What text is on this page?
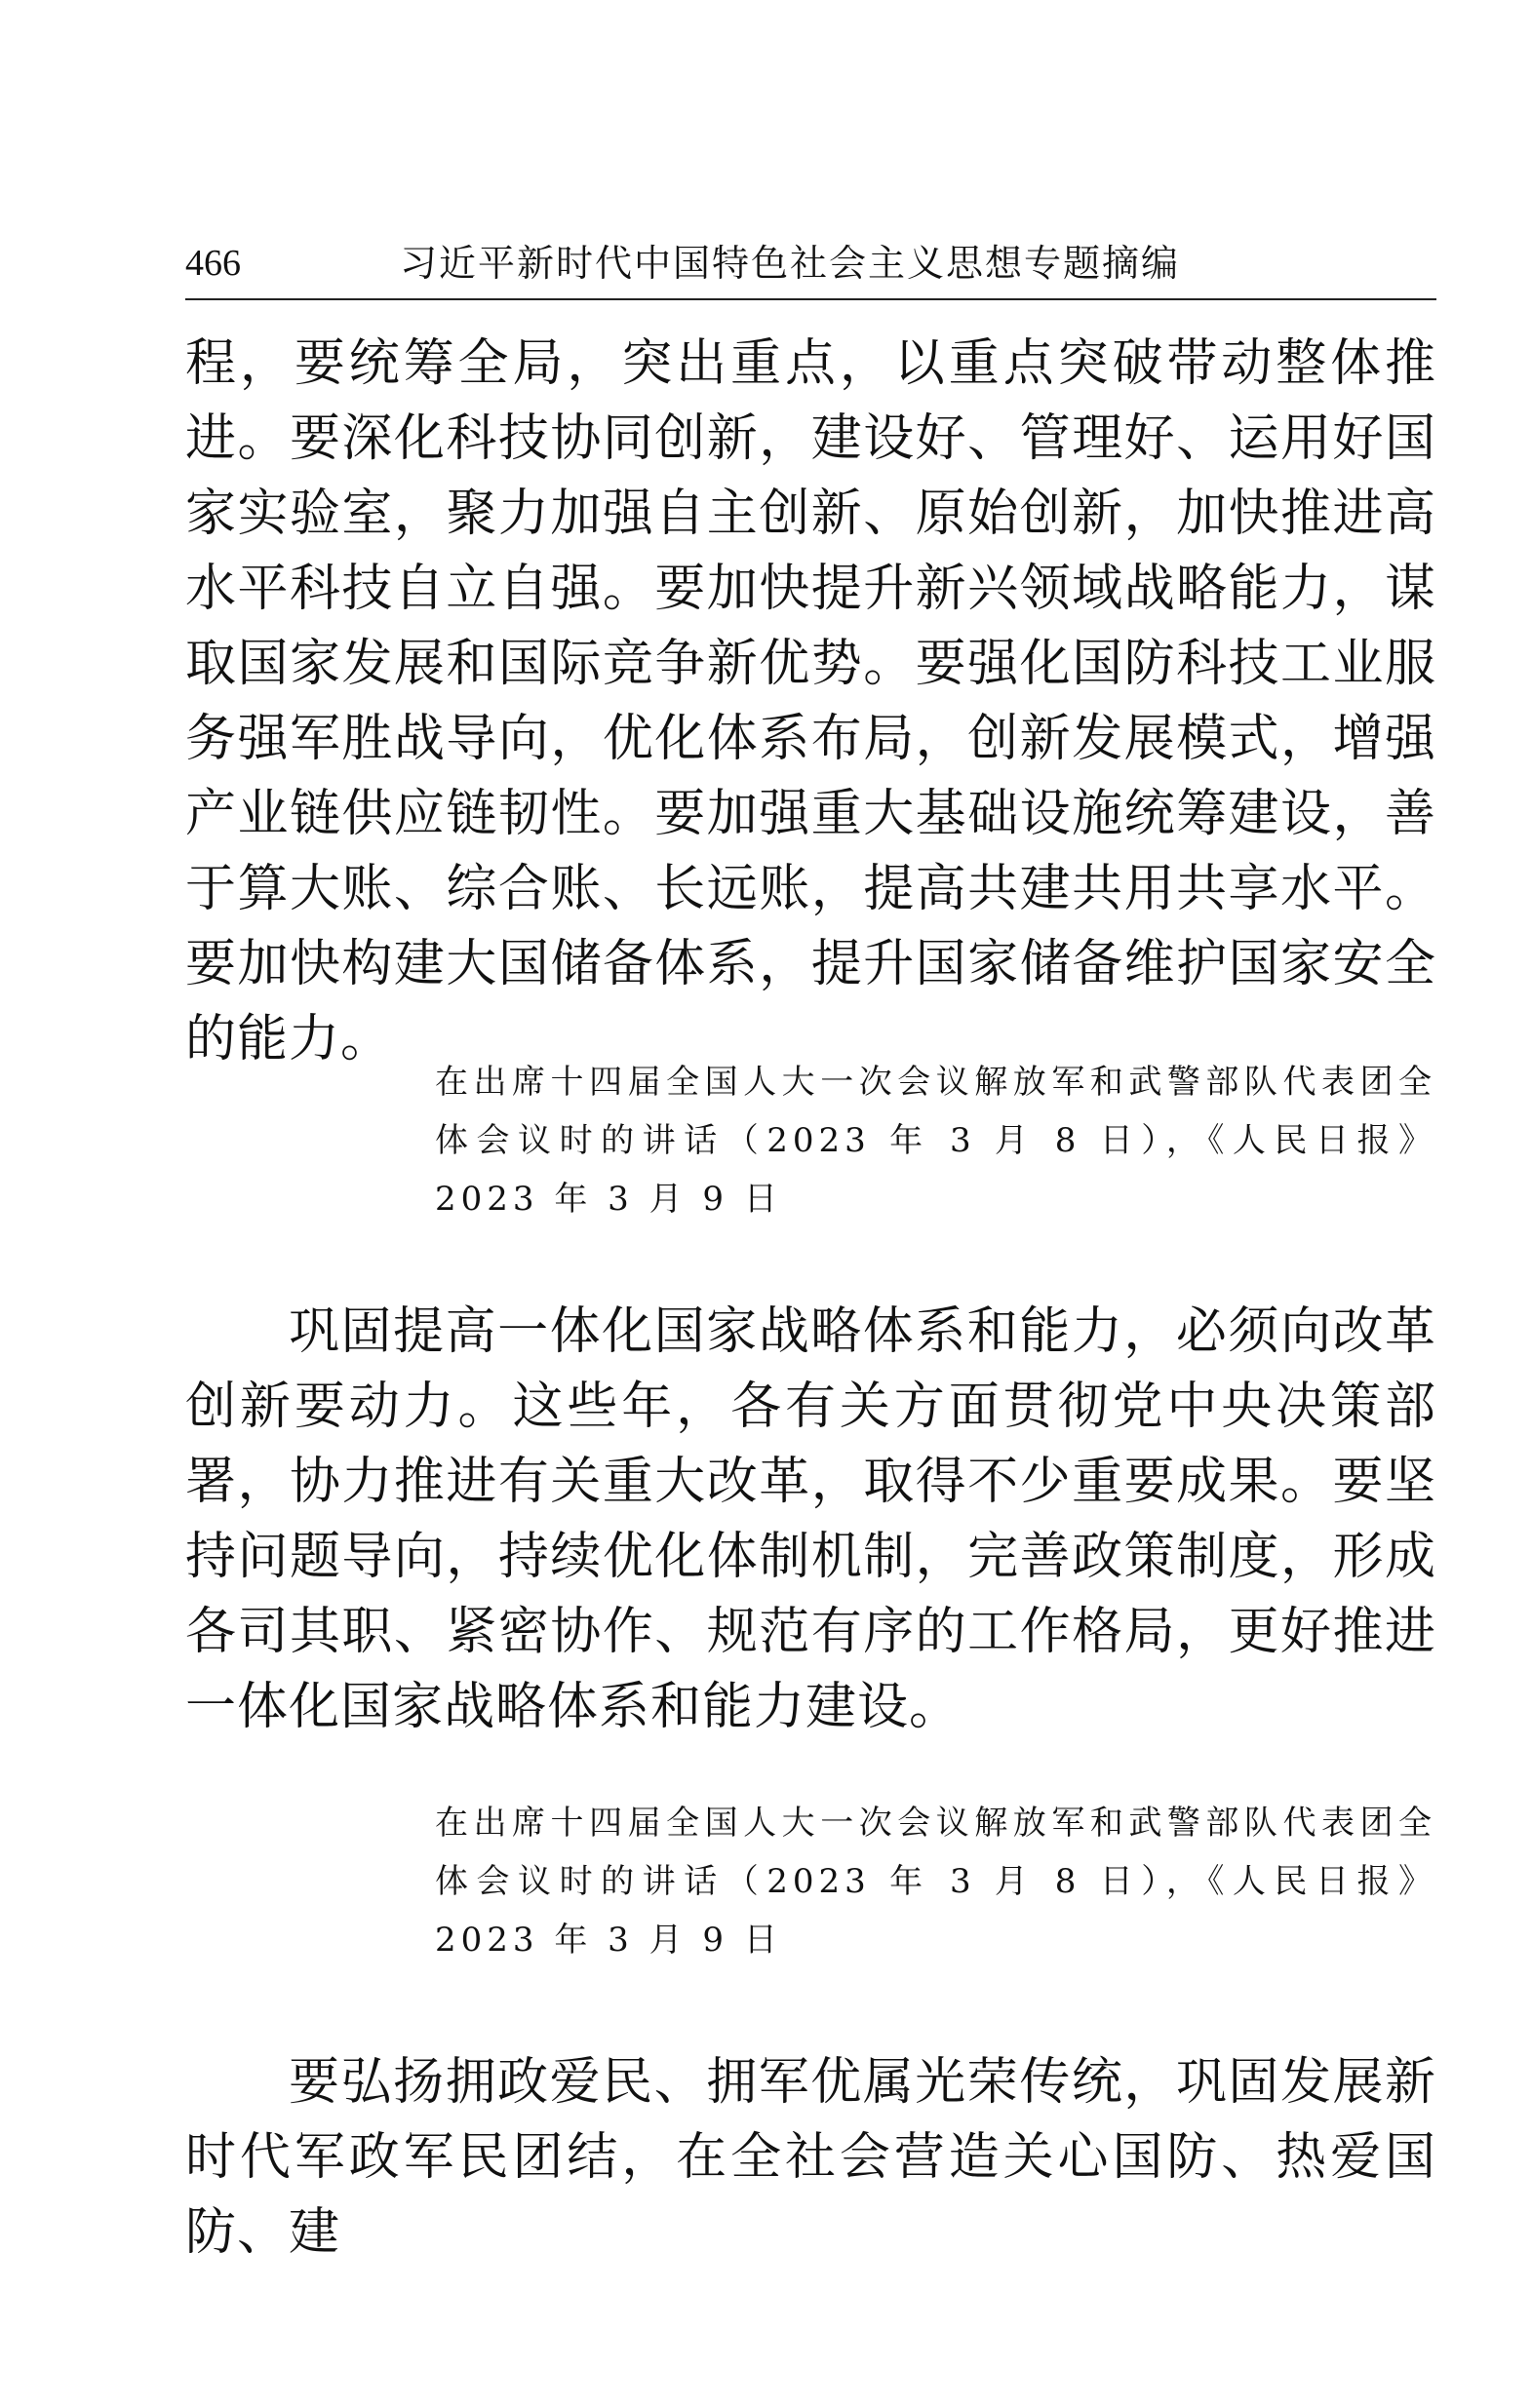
466	习近平新时代中国特色社会主义思想专题摘编

程，要统筹全局，突出重点，以重点突破带动整体推进。要深化科技协同创新，建设好、管理好、运用好国家实验室，聚力加强自主创新、原始创新，加快推进高水平科技自立自强。要加快提升新兴领域战略能力，谋取国家发展和国际竞争新优势。要强化国防科技工业服务强军胜战导向，优化体系布局，创新发展模式，增强产业链供应链韧性。要加强重大基础设施统筹建设，善于算大账、综合账、长远账，提高共建共用共享水平。要加快构建大国储备体系，提升国家储备维护国家安全的能力。

在出席十四届全国人大一次会议解放军和武警部队代表团全体会议时的讲话（2023 年 3 月 8 日），《人民日报》2023 年 3 月 9 日

巩固提高一体化国家战略体系和能力，必须向改革创新要动力。这些年，各有关方面贯彻党中央决策部署，协力推进有关重大改革，取得不少重要成果。要坚持问题导向，持续优化体制机制，完善政策制度，形成各司其职、紧密协作、规范有序的工作格局，更好推进一体化国家战略体系和能力建设。

在出席十四届全国人大一次会议解放军和武警部队代表团全体会议时的讲话（2023 年 3 月 8 日），《人民日报》2023 年 3 月 9 日

要弘扬拥政爱民、拥军优属光荣传统，巩固发展新时代军政军民团结，在全社会营造关心国防、热爱国防、建
